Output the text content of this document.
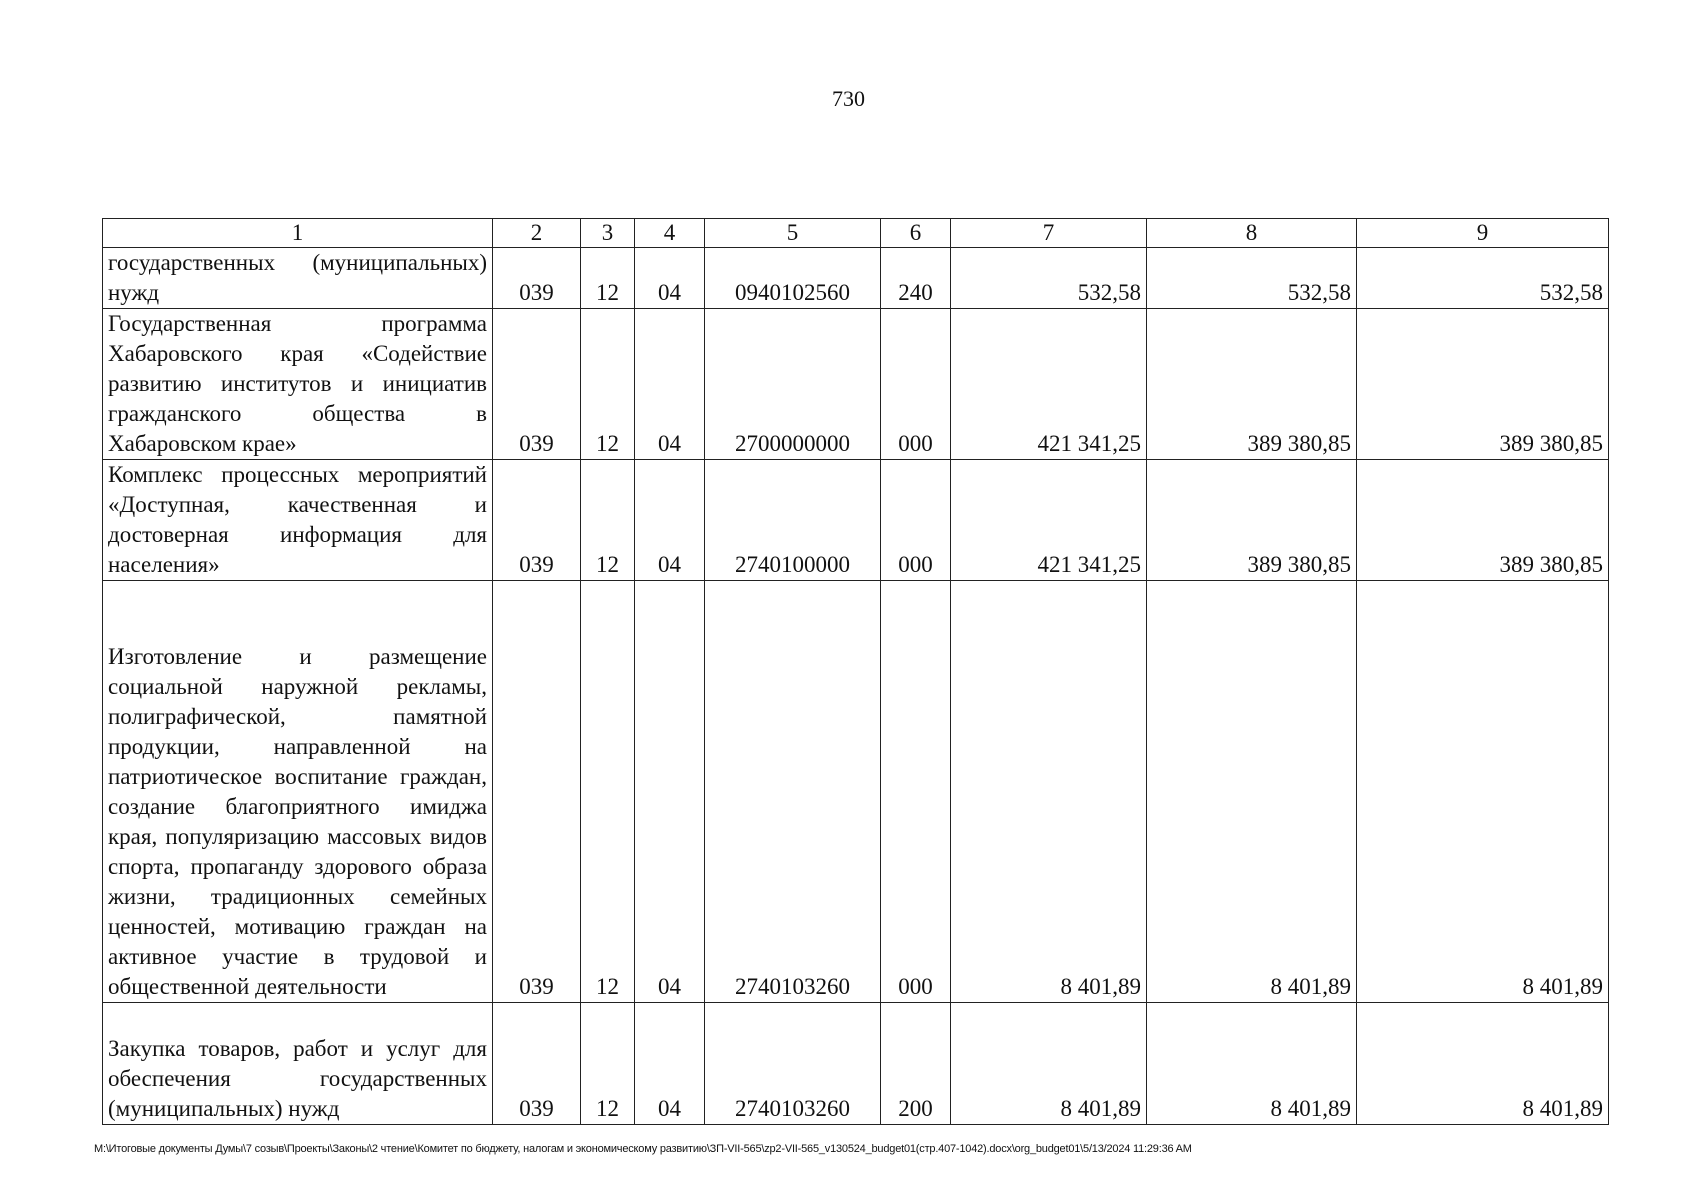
730
1	2	3	4	5	6	7	8	9
государственных (муниципальных) нужд	039	12	04	0940102560	240	532,58	532,58	532,58
Государственная программа Хабаровского края «Содействие развитию институтов и инициатив гражданского общества в Хабаровском крае»	039	12	04	2700000000	000	421 341,25	389 380,85	389 380,85
Комплекс процессных мероприятий «Доступная, качественная и достоверная информация для населения»	039	12	04	2740100000	000	421 341,25	389 380,85	389 380,85
Изготовление и размещение социальной наружной рекламы, полиграфической, памятной продукции, направленной на патриотическое воспитание граждан, создание благоприятного имиджа края, популяризацию массовых видов спорта, пропаганду здорового образа жизни, традиционных семейных ценностей, мотивацию граждан на активное участие в трудовой и общественной деятельности	039	12	04	2740103260	000	8 401,89	8 401,89	8 401,89
Закупка товаров, работ и услуг для обеспечения государственных (муниципальных) нужд	039	12	04	2740103260	200	8 401,89	8 401,89	8 401,89
M:\Итоговые документы Думы\7 созыв\Проекты\Законы\2 чтение\Комитет по бюджету, налогам и экономическому развитию\ЗП-VII-565\zp2-VII-565_v130524_budget01(стр.407-1042).docx\org_budget01\5/13/2024 11:29:36 AM
